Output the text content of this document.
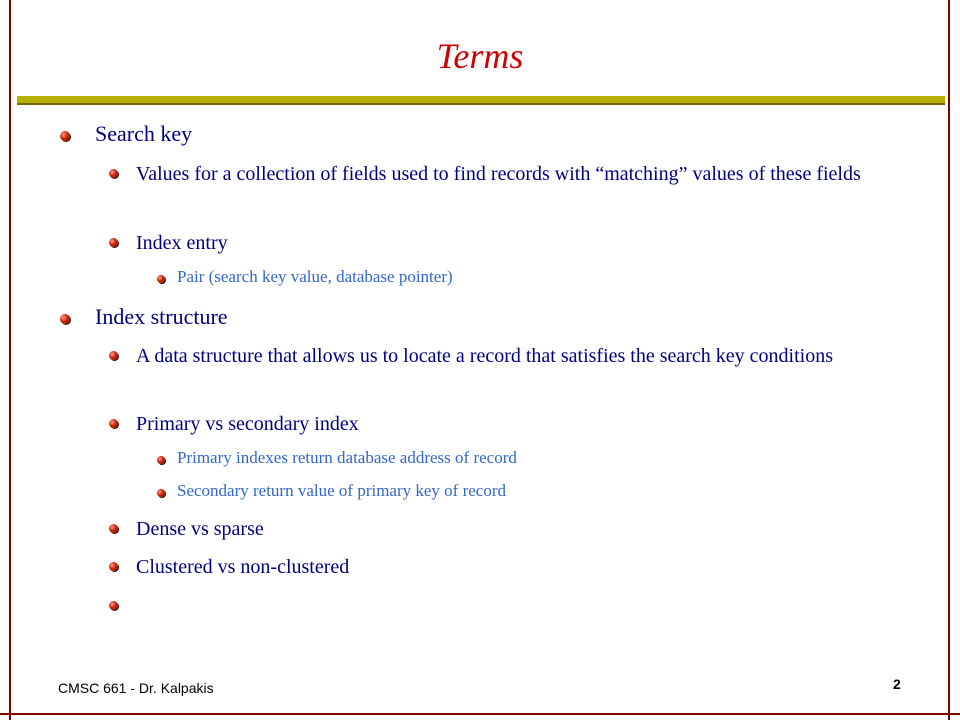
Terms
Search key
Values for a collection of fields used to find records with “matching” values of these fields
Index entry
Pair (search key value, database pointer)
Index structure
A data structure that allows us to locate a record that satisfies the search key conditions
Primary vs secondary index
Primary indexes return database address of record
Secondary return value of primary key of record
Dense vs sparse
Clustered vs non-clustered
CMSC 661 - Dr. Kalpakis	2
